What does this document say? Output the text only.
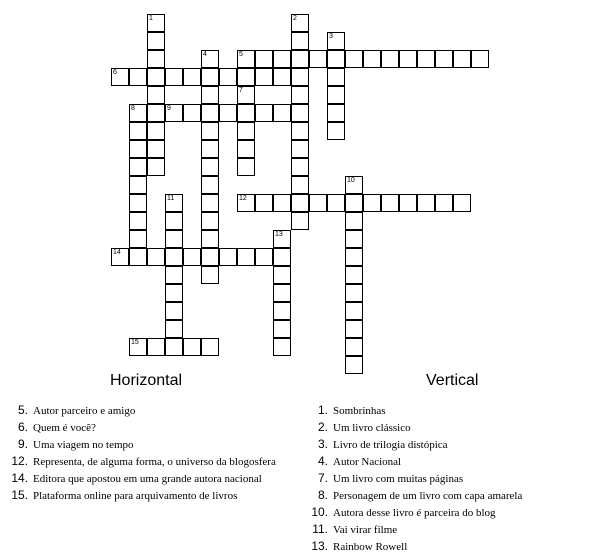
1	2
3
4	5
6
7
8	9
10
11	12
13
14
15
Horizontal	Vertical
5. Autor parceiro e amigo
6. Quem é você?
9. Uma viagem no tempo
12. Representa, de alguma forma, o universo da blogosfera
14. Editora que apostou em uma grande autora nacional
15. Plataforma online para arquivamento de livros
1. Sombrinhas
2. Um livro clássico
3. Livro de trilogia distópica
4. Autor Nacional
7. Um livro com muitas páginas
8. Personagem de um livro com capa amarela
10. Autora desse livro é parceira do blog
11. Vai virar filme
13. Rainbow Rowell
